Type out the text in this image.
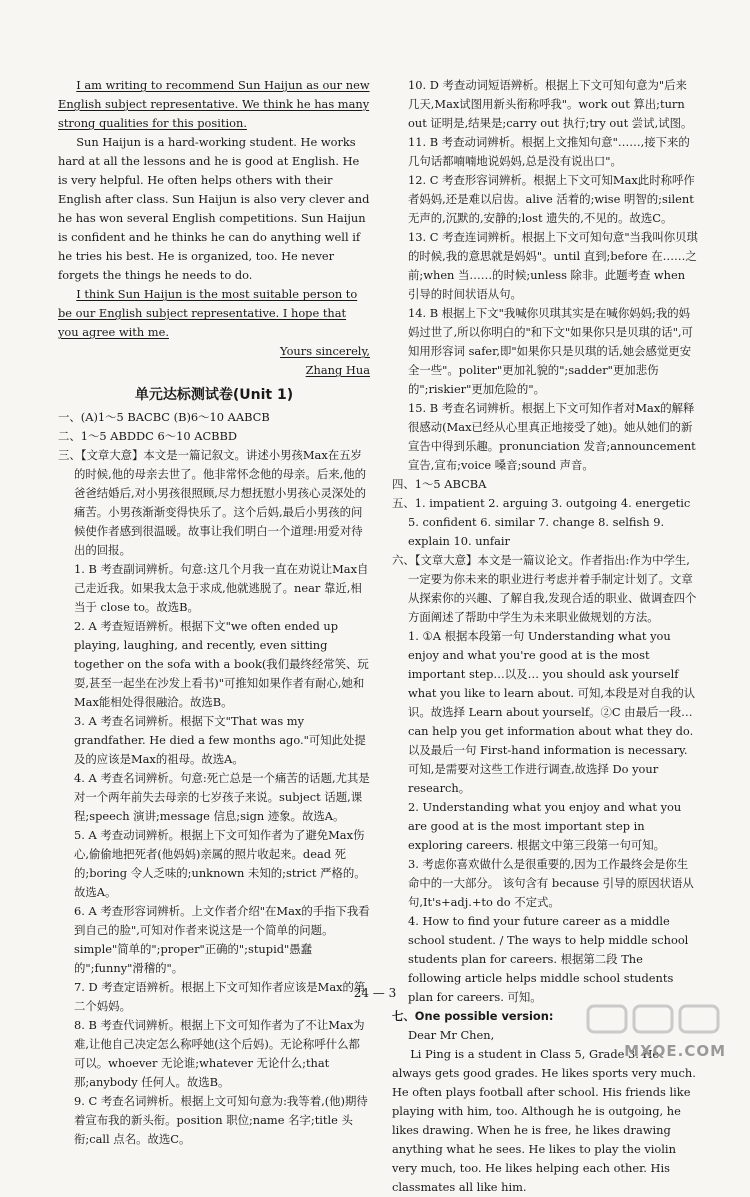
I am writing to recommend Sun Haijun as our new English subject representative. We think he has many strong qualities for this position.

Sun Haijun is a hard-working student. He works hard at all the lessons and he is good at English. He is very helpful. He often helps others with their English after class. Sun Haijun is also very clever and he has won several English competitions. Sun Haijun is confident and he thinks he can do anything well if he tries his best. He is organized, too. He never forgets the things he needs to do.

I think Sun Haijun is the most suitable person to be our English subject representative. I hope that you agree with me.

Yours sincerely,

Zhang Hua

单元达标测试卷(Unit 1)

一、(A)1～5 BACBC (B)6～10 AABCB

二、1～5 ABDDC 6～10 ACBBD

三、【文章大意】本文是一篇记叙文。讲述小男孩Max在五岁的时候,他的母亲去世了。他非常怀念他的母亲。后来,他的爸爸结婚后,对小男孩很照顾,尽力想抚慰小男孩心灵深处的痛苦。小男孩渐渐变得快乐了。这个后妈,最后小男孩的问候使作者感到很温暖。故事让我们明白一个道理:用爱对待出的回报。

1. B 考查副词辨析。句意:这几个月我一直在劝说让Max自己走近我。如果我太急于求成,他就逃脱了。near 靠近,相当于 close to。故选B。

2. A 考查短语辨析。根据下文"we often ended up playing, laughing, and recently, even sitting together on the sofa with a book(我们最终经常笑、玩耍,甚至一起坐在沙发上看书)"可推知如果作者有耐心,她和Max能相处得很融洽。故选B。

3. A 考查名词辨析。根据下文"That was my grandfather. He died a few months ago."可知此处提及的应该是Max的祖母。故选A。

4. A 考查名词辨析。句意:死亡总是一个痛苦的话题,尤其是对一个两年前失去母亲的七岁孩子来说。subject 话题,课程;speech 演讲;message 信息;sign 迹象。故选A。

5. A 考查动词辨析。根据上下文可知作者为了避免Max伤心,偷偷地把死者(他妈妈)亲属的照片收起来。dead 死的;boring 令人乏味的;unknown 未知的;strict 严格的。故选A。

6. A 考查形容词辨析。上文作者介绍"在Max的手指下我看到自己的脸",可知对作者来说这是一个简单的问题。simple"简单的";proper"正确的";stupid"愚蠢的";funny"滑稽的"。

7. D 考查定语辨析。根据上下文可知作者应该是Max的第二个妈妈。

8. B 考查代词辨析。根据上下文可知作者为了不让Max为难,让他自己决定怎么称呼她(这个后妈)。无论称呼什么都可以。whoever 无论谁;whatever 无论什么;that 那;anybody 任何人。故选B。

9. C 考查名词辨析。根据上文可知句意为:我等着,(他)期待着宣布我的新头衔。position 职位;name 名字;title 头衔;call 点名。故选C。

10. D 考查动词短语辨析。根据上下文可知句意为"后来几天,Max试图用新头衔称呼我"。work out 算出;turn out 证明是,结果是;carry out 执行;try out 尝试,试图。

11. B 考查动词辨析。根据上文推知句意"……,接下来的几句话都喃喃地说妈妈,总是没有说出口"。

12. C 考查形容词辨析。根据上下文可知Max此时称呼作者妈妈,还是难以启齿。alive 活着的;wise 明智的;silent 无声的,沉默的,安静的;lost 遗失的,不见的。故选C。

13. C 考查连词辨析。根据上下文可知句意"当我叫你贝琪的时候,我的意思就是妈妈"。until 直到;before 在……之前;when 当……的时候;unless 除非。此题考查 when 引导的时间状语从句。

14. B 根据上下文"我喊你贝琪其实是在喊你妈妈;我的妈妈过世了,所以你明白的"和下文"如果你只是贝琪的话",可知用形容词 safer,即"如果你只是贝琪的话,她会感觉更安全一些"。politer"更加礼貌的";sadder"更加悲伤的";riskier"更加危险的"。

15. B 考查名词辨析。根据上下文可知作者对Max的解释很感动(Max已经从心里真正地接受了她)。她从她们的新宣告中得到乐趣。pronunciation 发音;announcement 宣告,宣布;voice 嗓音;sound 声音。

四、1～5 ABCBA

五、1. impatient 2. arguing 3. outgoing 4. energetic 5. confident 6. similar 7. change 8. selfish 9. explain 10. unfair

六、【文章大意】本文是一篇议论文。作者指出:作为中学生,一定要为你未来的职业进行考虑并着手制定计划了。文章从探索你的兴趣、了解自我,发现合适的职业、做调查四个方面阐述了帮助中学生为未来职业做规划的方法。

1. ①A 根据本段第一句 Understanding what you enjoy and what you're good at is the most important step…以及… you should ask yourself what you like to learn about. 可知,本段是对自我的认识。故选择 Learn about yourself。②C 由最后一段… can help you get information about what they do. 以及最后一句 First-hand information is necessary. 可知,是需要对这些工作进行调查,故选择 Do your research。

2. Understanding what you enjoy and what you are good at is the most important step in exploring careers. 根据文中第三段第一句可知。

3. 考虑你喜欢做什么是很重要的,因为工作最终会是你生命中的一大部分。 该句含有 because 引导的原因状语从句,It's+adj.+to do 不定式。

4. How to find your future career as a middle school student. / The ways to help middle school students plan for careers. 根据第二段 The following article helps middle school students plan for careers. 可知。

七、One possible version:

Dear Mr Chen,

Li Ping is a student in Class 5, Grade 3. He always gets good grades. He likes sports very much. He often plays football after school. His friends like playing with him, too. Although he is outgoing, he likes drawing. When he is free, he likes drawing anything what he sees. He likes to play the violin very much, too. He likes helping each other. His classmates all like him.

24 — 3
MXQE.COM
